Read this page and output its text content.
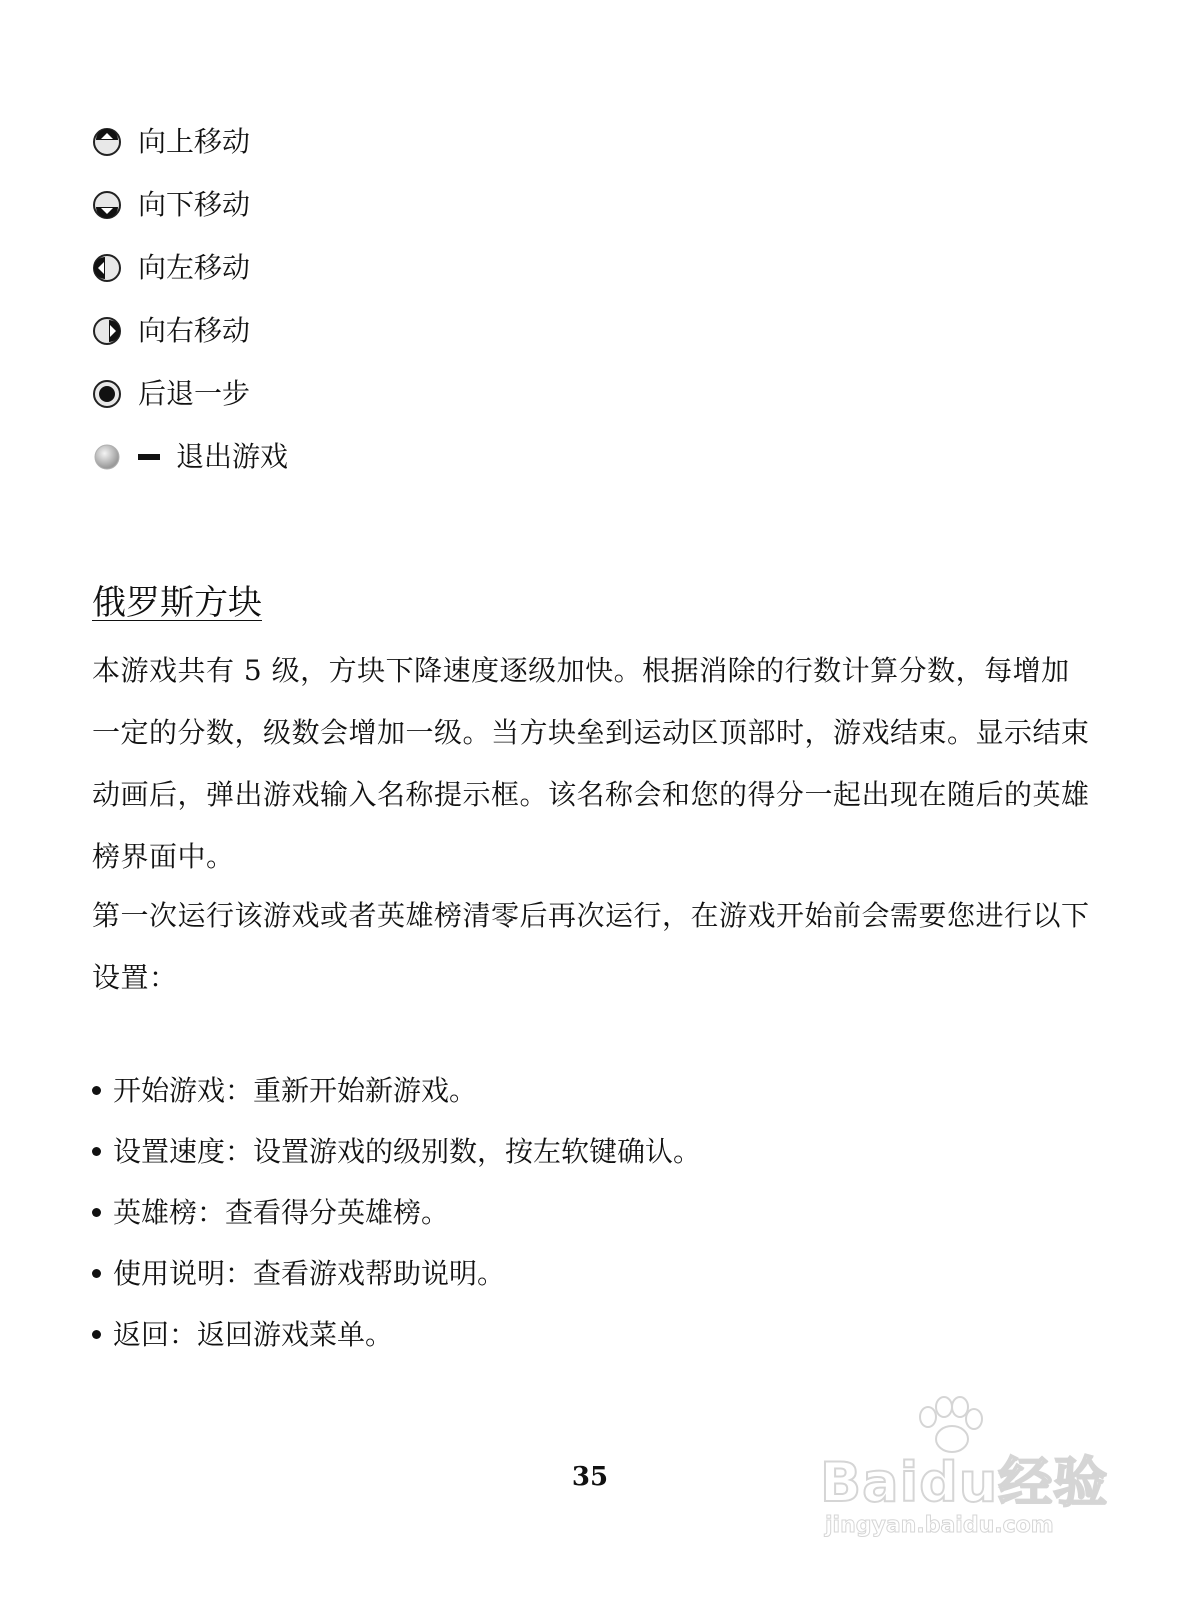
向上移动
向下移动
向左移动
向右移动
后退一步
退出游戏
俄罗斯方块
本游戏共有 5 级，方块下降速度逐级加快。根据消除的行数计算分数，每增加一定的分数，级数会增加一级。当方块垒到运动区顶部时，游戏结束。显示结束动画后，弹出游戏输入名称提示框。该名称会和您的得分一起出现在随后的英雄榜界面中。
第一次运行该游戏或者英雄榜清零后再次运行，在游戏开始前会需要您进行以下设置：
开始游戏：重新开始新游戏。
设置速度：设置游戏的级别数，按左软键确认。
英雄榜：查看得分英雄榜。
使用说明：查看游戏帮助说明。
返回：返回游戏菜单。
35	Baidu经验
jingyan.baidu.com
